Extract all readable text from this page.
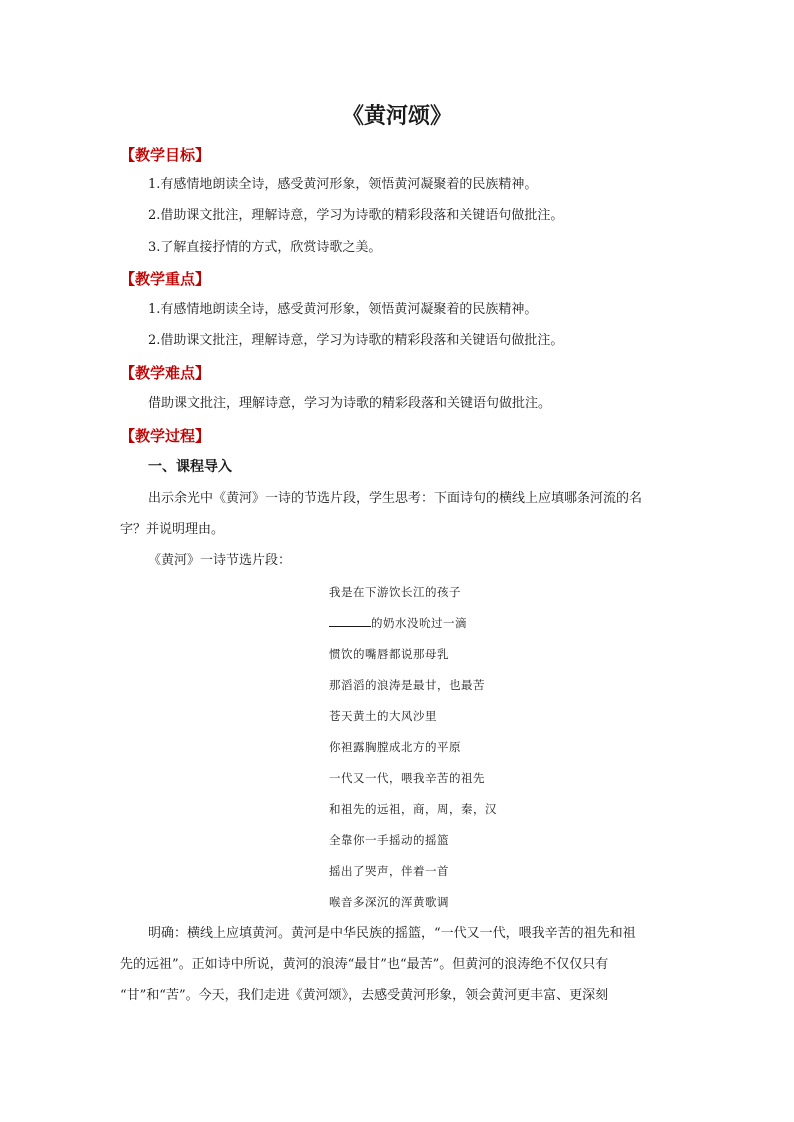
《黄河颂》
【教学目标】
1.有感情地朗读全诗，感受黄河形象，领悟黄河凝聚着的民族精神。
2.借助课文批注，理解诗意，学习为诗歌的精彩段落和关键语句做批注。
3.了解直接抒情的方式，欣赏诗歌之美。
【教学重点】
1.有感情地朗读全诗，感受黄河形象，领悟黄河凝聚着的民族精神。
2.借助课文批注，理解诗意，学习为诗歌的精彩段落和关键语句做批注。
【教学难点】
借助课文批注，理解诗意，学习为诗歌的精彩段落和关键语句做批注。
【教学过程】
一、课程导入
出示余光中《黄河》一诗的节选片段，学生思考：下面诗句的横线上应填哪条河流的名
字？并说明理由。
《黄河》一诗节选片段：
我是在下游饮长江的孩子
的奶水没吮过一滴
惯饮的嘴唇都说那母乳
那滔滔的浪涛是最甘，也最苦
苍天黄土的大风沙里
你袒露胸膛成北方的平原
一代又一代，喂我辛苦的祖先
和祖先的远祖，商，周，秦，汉
全靠你一手摇动的摇篮
摇出了哭声，伴着一首
喉音多深沉的浑黄歌调
明确：横线上应填黄河。黄河是中华民族的摇篮，“一代又一代，喂我辛苦的祖先和祖
先的远祖”。正如诗中所说，黄河的浪涛“最甘”也“最苦”。但黄河的浪涛绝不仅仅只有
“甘”和“苦”。今天，我们走进《黄河颂》，去感受黄河形象，领会黄河更丰富、更深刻
